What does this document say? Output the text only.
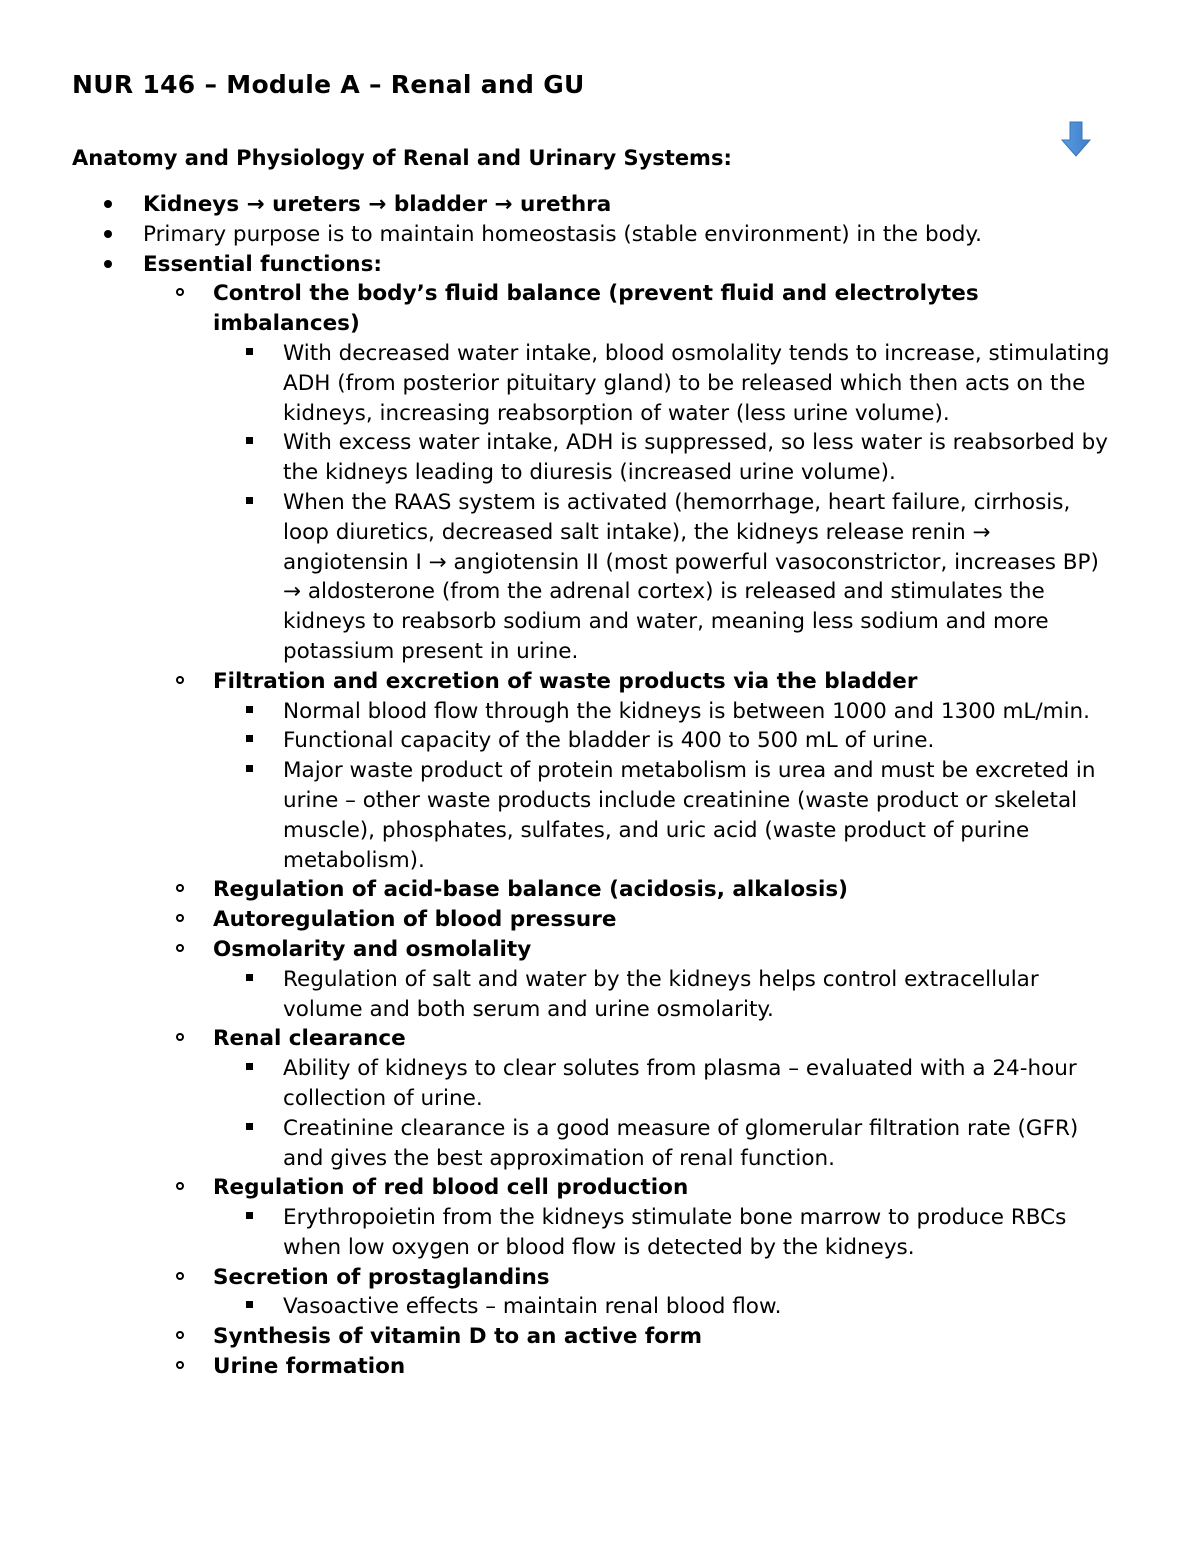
NUR 146 – Module A – Renal and GU
Anatomy and Physiology of Renal and Urinary Systems:
Kidneys → ureters → bladder → urethra
Primary purpose is to maintain homeostasis (stable environment) in the body.
Essential functions:
Control the body’s fluid balance (prevent fluid and electrolytes imbalances)
With decreased water intake, blood osmolality tends to increase, stimulating ADH (from posterior pituitary gland) to be released which then acts on the kidneys, increasing reabsorption of water (less urine volume).
With excess water intake, ADH is suppressed, so less water is reabsorbed by the kidneys leading to diuresis (increased urine volume).
When the RAAS system is activated (hemorrhage, heart failure, cirrhosis, loop diuretics, decreased salt intake), the kidneys release renin → angiotensin I → angiotensin II (most powerful vasoconstrictor, increases BP) → aldosterone (from the adrenal cortex) is released and stimulates the kidneys to reabsorb sodium and water, meaning less sodium and more potassium present in urine.
Filtration and excretion of waste products via the bladder
Normal blood flow through the kidneys is between 1000 and 1300 mL/min.
Functional capacity of the bladder is 400 to 500 mL of urine.
Major waste product of protein metabolism is urea and must be excreted in urine – other waste products include creatinine (waste product or skeletal muscle), phosphates, sulfates, and uric acid (waste product of purine metabolism).
Regulation of acid-base balance (acidosis, alkalosis)
Autoregulation of blood pressure
Osmolarity and osmolality
Regulation of salt and water by the kidneys helps control extracellular volume and both serum and urine osmolarity.
Renal clearance
Ability of kidneys to clear solutes from plasma – evaluated with a 24-hour collection of urine.
Creatinine clearance is a good measure of glomerular filtration rate (GFR) and gives the best approximation of renal function.
Regulation of red blood cell production
Erythropoietin from the kidneys stimulate bone marrow to produce RBCs when low oxygen or blood flow is detected by the kidneys.
Secretion of prostaglandins
Vasoactive effects – maintain renal blood flow.
Synthesis of vitamin D to an active form
Urine formation
